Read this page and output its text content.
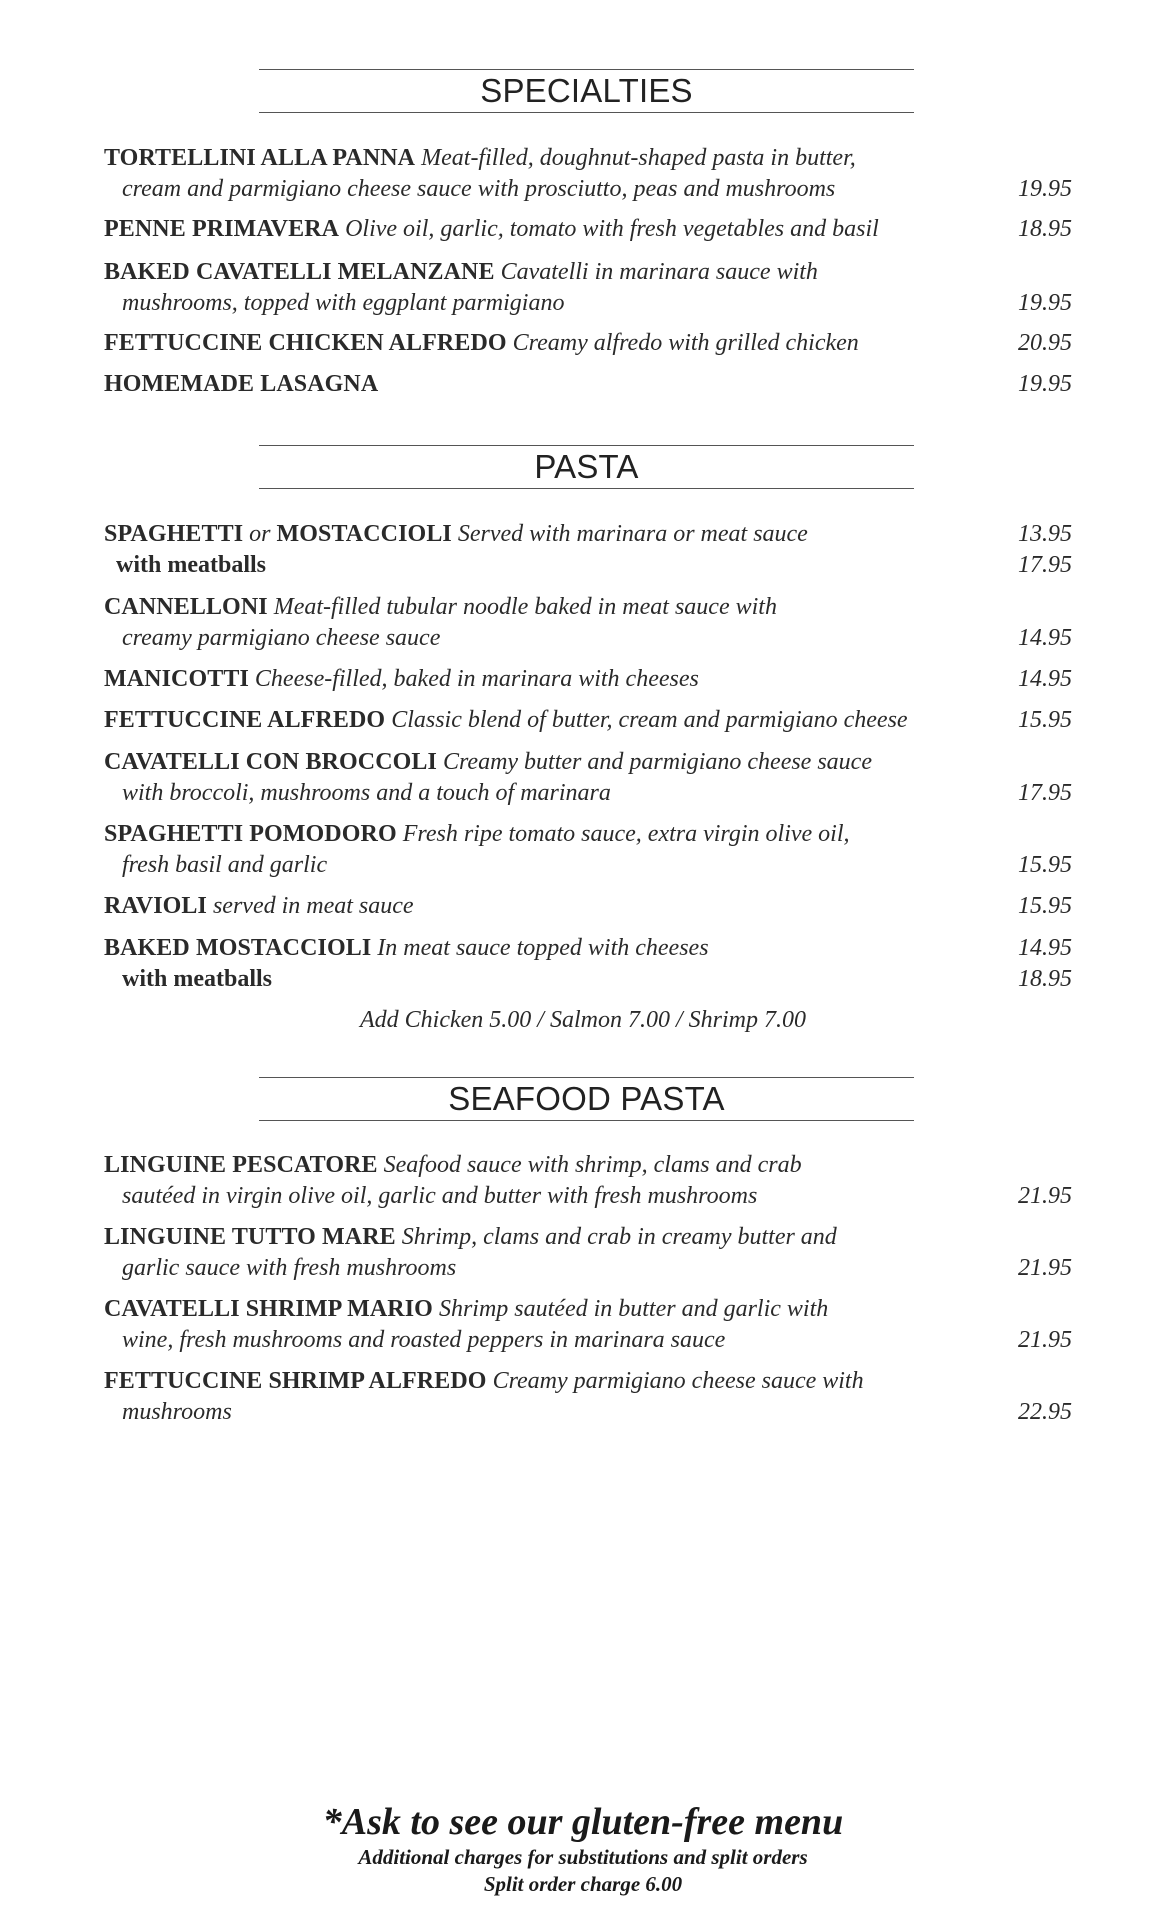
SPECIALTIES
TORTELLINI ALLA PANNA Meat-filled, doughnut-shaped pasta in butter,
cream and parmigiano cheese sauce with prosciutto, peas and mushrooms	19.95
PENNE PRIMAVERA Olive oil, garlic, tomato with fresh vegetables and basil	18.95
BAKED CAVATELLI MELANZANE Cavatelli in marinara sauce with
mushrooms, topped with eggplant parmigiano	19.95
FETTUCCINE CHICKEN ALFREDO Creamy alfredo with grilled chicken	20.95
HOMEMADE LASAGNA	19.95
PASTA
SPAGHETTI or MOSTACCIOLI Served with marinara or meat sauce	13.95
with meatballs	17.95
CANNELLONI Meat-filled tubular noodle baked in meat sauce with
creamy parmigiano cheese sauce	14.95
MANICOTTI Cheese-filled, baked in marinara with cheeses	14.95
FETTUCCINE ALFREDO Classic blend of butter, cream and parmigiano cheese	15.95
CAVATELLI CON BROCCOLI Creamy butter and parmigiano cheese sauce
with broccoli, mushrooms and a touch of marinara	17.95
SPAGHETTI POMODORO Fresh ripe tomato sauce, extra virgin olive oil,
fresh basil and garlic	15.95
RAVIOLI served in meat sauce	15.95
BAKED MOSTACCIOLI In meat sauce topped with cheeses	14.95
with meatballs	18.95
Add Chicken 5.00 / Salmon 7.00 / Shrimp 7.00
SEAFOOD PASTA
LINGUINE PESCATORE Seafood sauce with shrimp, clams and crab
sautéed in virgin olive oil, garlic and butter with fresh mushrooms	21.95
LINGUINE TUTTO MARE Shrimp, clams and crab in creamy butter and
garlic sauce with fresh mushrooms	21.95
CAVATELLI SHRIMP MARIO Shrimp sautéed in butter and garlic with
wine, fresh mushrooms and roasted peppers in marinara sauce	21.95
FETTUCCINE SHRIMP ALFREDO Creamy parmigiano cheese sauce with
mushrooms	22.95
*Ask to see our gluten-free menu
Additional charges for substitutions and split orders
Split order charge 6.00
